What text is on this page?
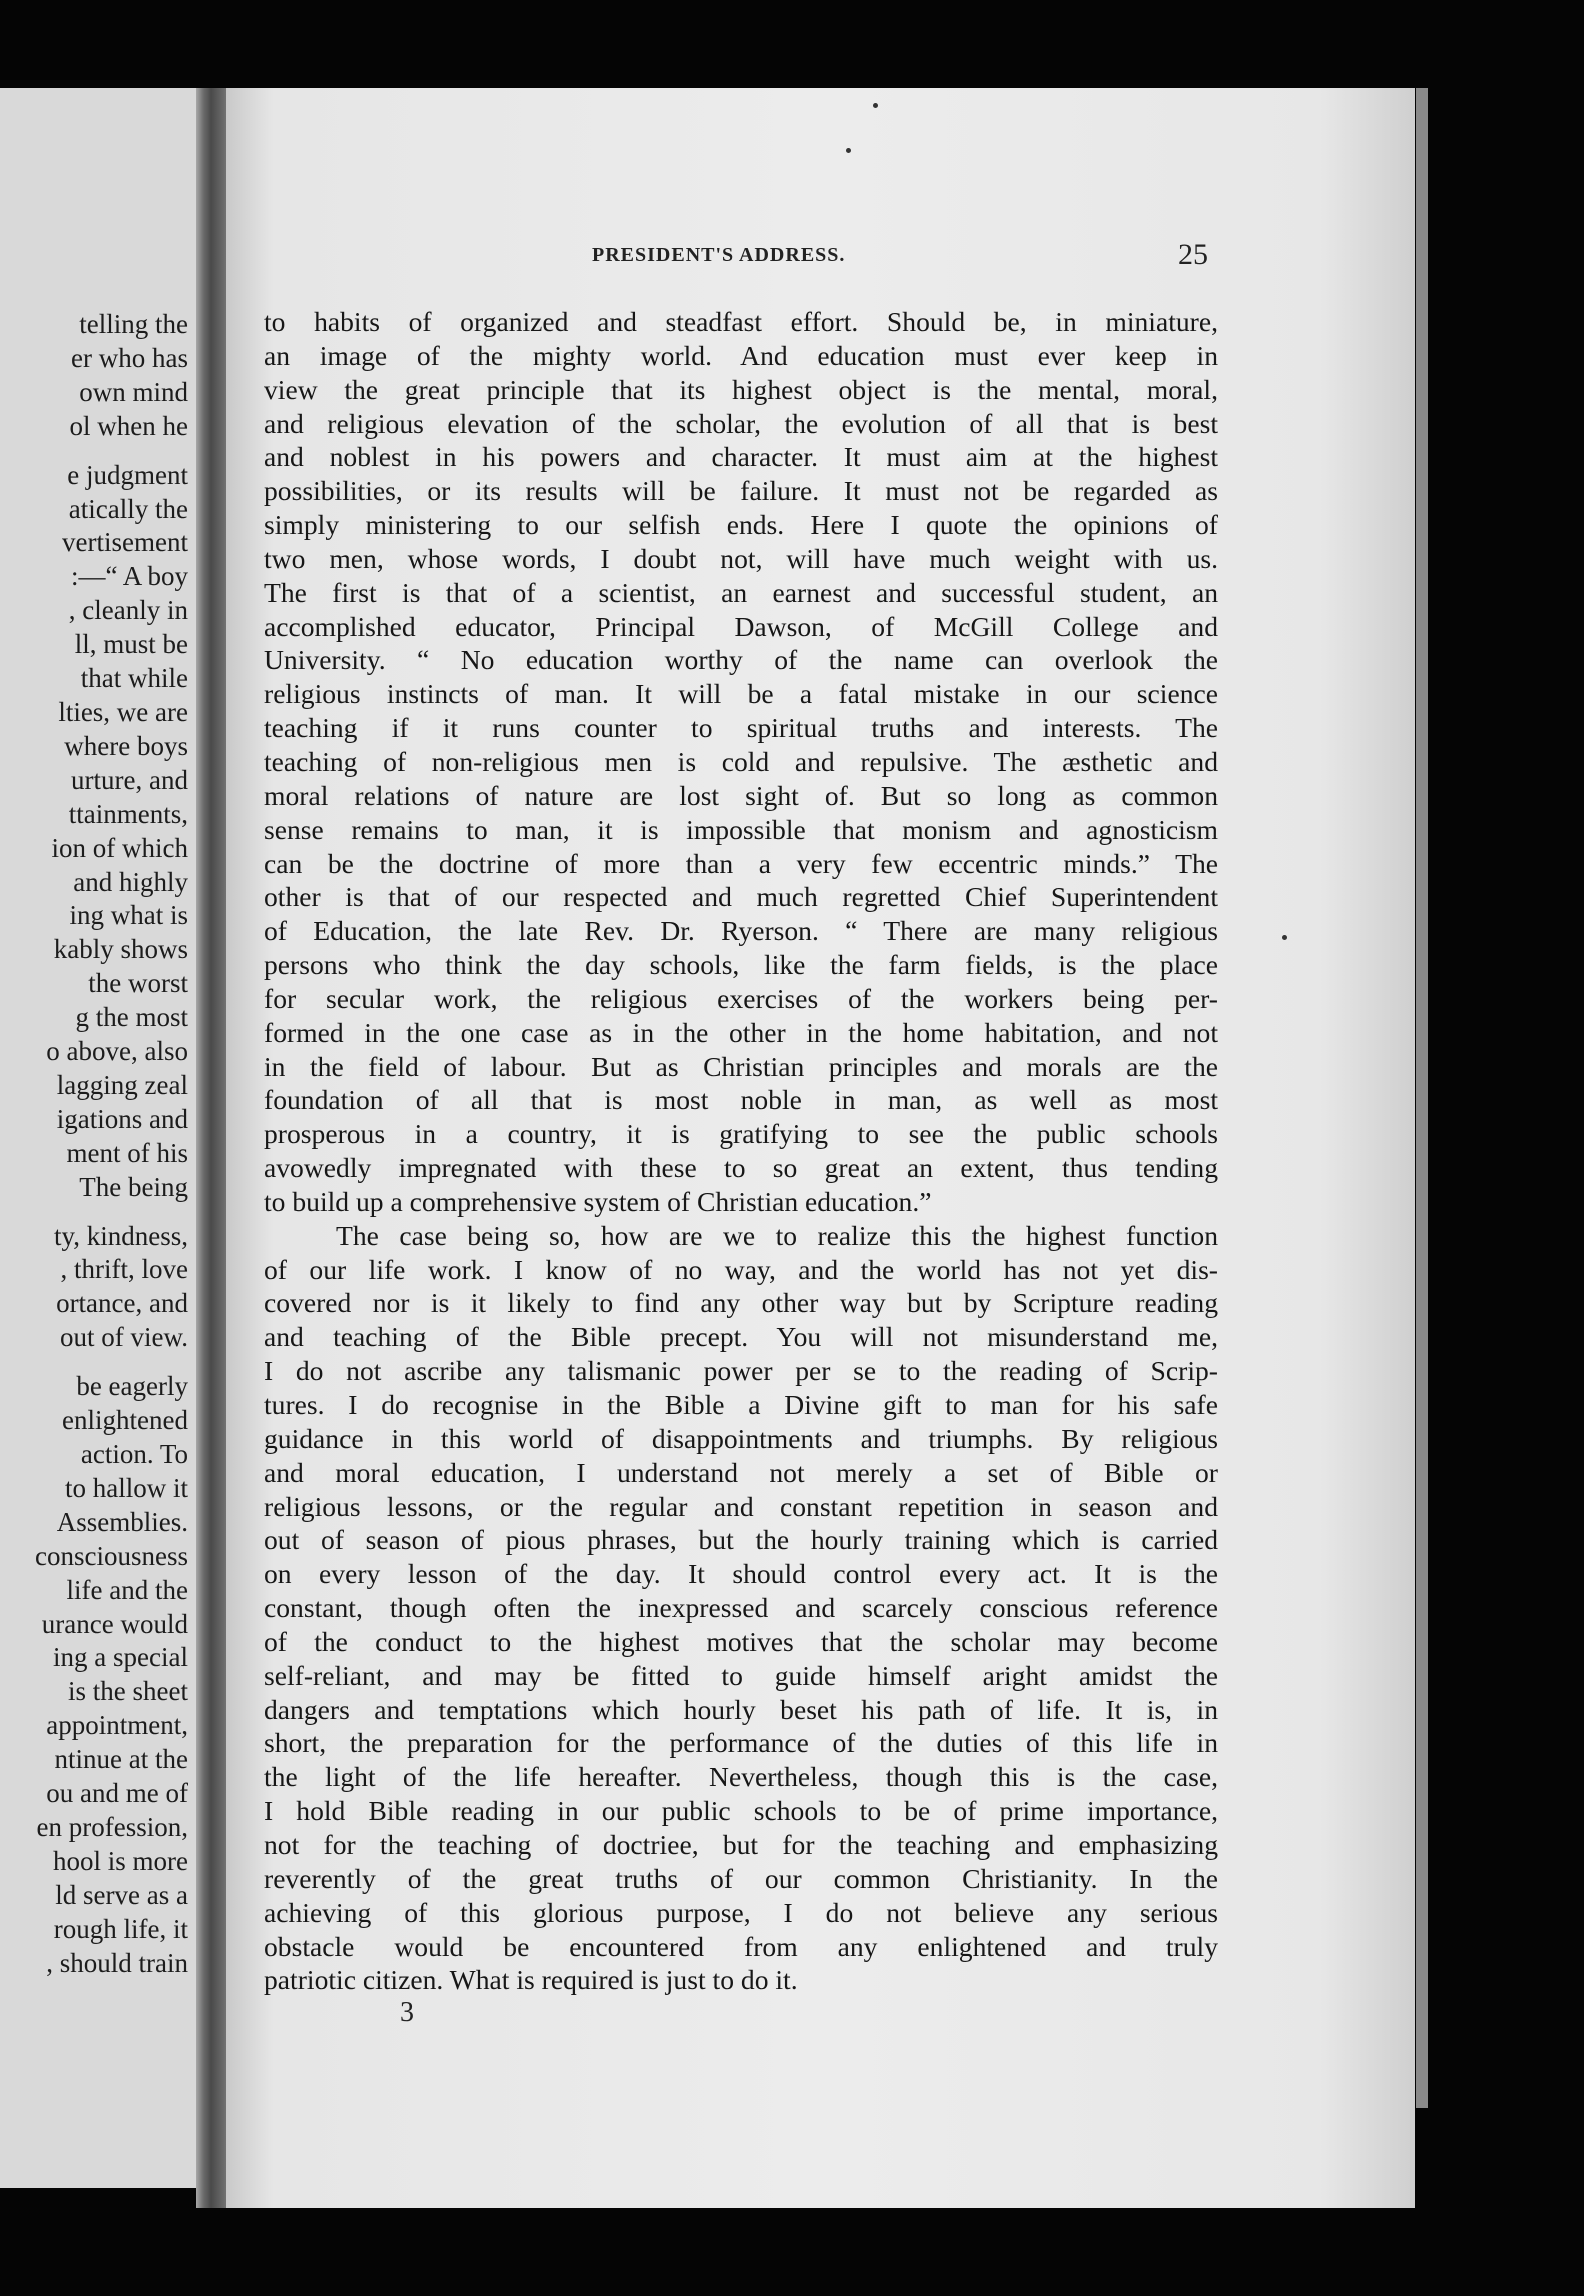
telling the
er who has
own mind
ol when he
e judgment
atically the
vertisement
:—“ A boy
, cleanly in
ll, must be
that while
lties, we are
where boys
urture, and
ttainments,
ion of which
and highly
ing what is
kably shows
the worst
g the most
o above, also
lagging zeal
igations and
ment of his
The being
ty, kindness,
, thrift, love
ortance, and
out of view.
be eagerly
enlightened
action. To
to hallow it
Assemblies.
consciousness
life and the
urance would
ing a special
is the sheet
appointment,
ntinue at the
ou and me of
en profession,
hool is more
ld serve as a
rough life, it
, should train
PRESIDENT'S ADDRESS.	25
to habits of organized and steadfast effort. Should be, in miniature,
an image of the mighty world. And education must ever keep in
view the great principle that its highest object is the mental, moral,
and religious elevation of the scholar, the evolution of all that is best
and noblest in his powers and character. It must aim at the highest
possibilities, or its results will be failure. It must not be regarded as
simply ministering to our selfish ends. Here I quote the opinions of
two men, whose words, I doubt not, will have much weight with us.
The first is that of a scientist, an earnest and successful student, an
accomplished educator, Principal Dawson, of McGill College and
University. “ No education worthy of the name can overlook the
religious instincts of man. It will be a fatal mistake in our science
teaching if it runs counter to spiritual truths and interests. The
teaching of non-religious men is cold and repulsive. The æsthetic and
moral relations of nature are lost sight of. But so long as common
sense remains to man, it is impossible that monism and agnosticism
can be the doctrine of more than a very few eccentric minds.” The
other is that of our respected and much regretted Chief Superintendent
of Education, the late Rev. Dr. Ryerson. “ There are many religious
persons who think the day schools, like the farm fields, is the place
for secular work, the religious exercises of the workers being per-
formed in the one case as in the other in the home habitation, and not
in the field of labour. But as Christian principles and morals are the
foundation of all that is most noble in man, as well as most
prosperous in a country, it is gratifying to see the public schools
avowedly impregnated with these to so great an extent, thus tending
to build up a comprehensive system of Christian education.”
The case being so, how are we to realize this the highest function
of our life work. I know of no way, and the world has not yet dis-
covered nor is it likely to find any other way but by Scripture reading
and teaching of the Bible precept. You will not misunderstand me,
I do not ascribe any talismanic power per se to the reading of Scrip-
tures. I do recognise in the Bible a Divine gift to man for his safe
guidance in this world of disappointments and triumphs. By religious
and moral education, I understand not merely a set of Bible or
religious lessons, or the regular and constant repetition in season and
out of season of pious phrases, but the hourly training which is carried
on every lesson of the day. It should control every act. It is the
constant, though often the inexpressed and scarcely conscious reference
of the conduct to the highest motives that the scholar may become
self-reliant, and may be fitted to guide himself aright amidst the
dangers and temptations which hourly beset his path of life. It is, in
short, the preparation for the performance of the duties of this life in
the light of the life hereafter. Nevertheless, though this is the case,
I hold Bible reading in our public schools to be of prime importance,
not for the teaching of doctriee, but for the teaching and emphasizing
reverently of the great truths of our common Christianity. In the
achieving of this glorious purpose, I do not believe any serious
obstacle would be encountered from any enlightened and truly
patriotic citizen. What is required is just to do it.
3
